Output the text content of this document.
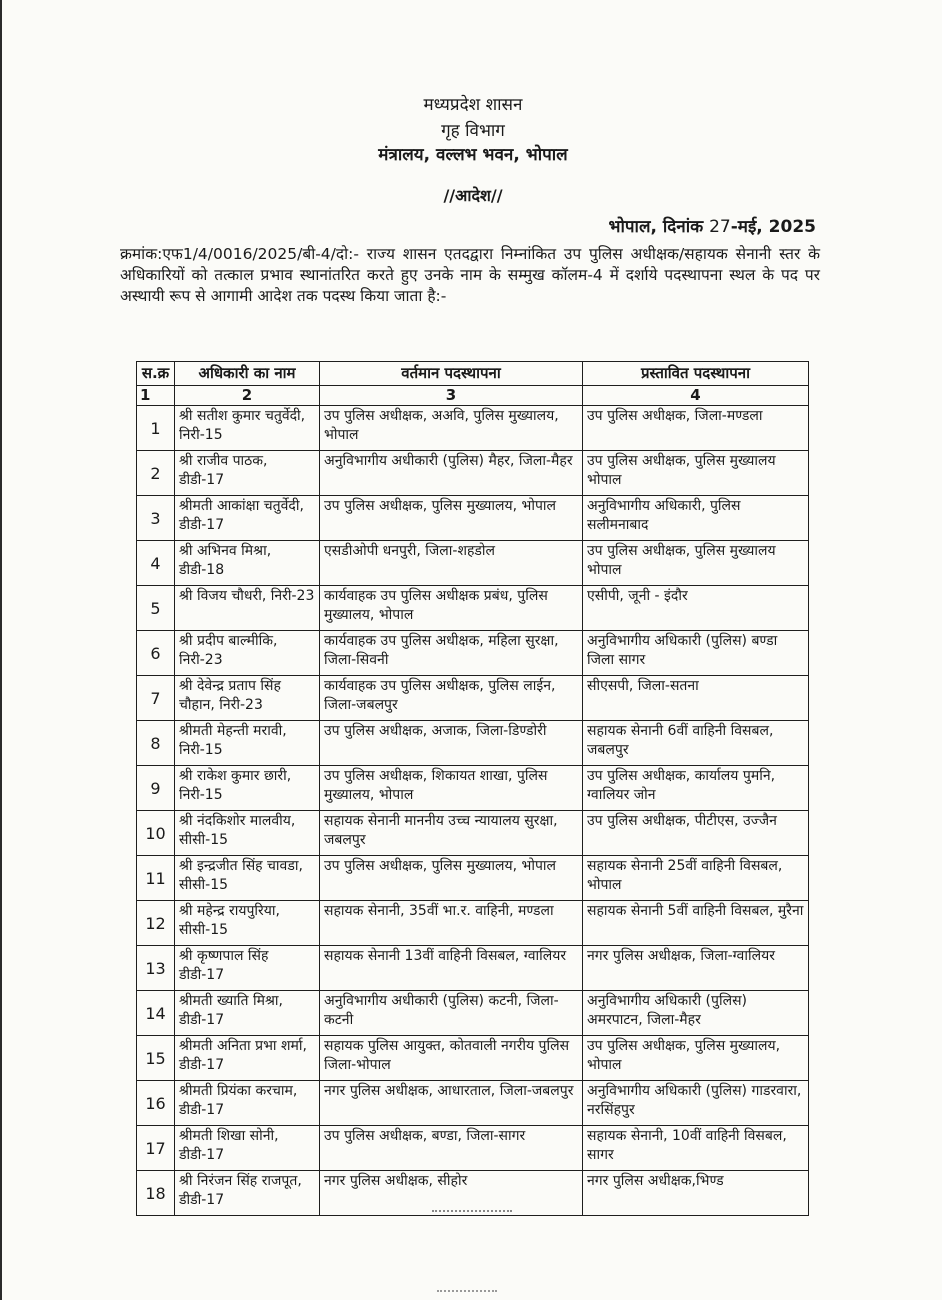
मध्यप्रदेश शासन
गृह विभाग
मंत्रालय, वल्लभ भवन, भोपाल
//आदेश//
भोपाल, दिनांक 27-मई, 2025
क्रमांक:एफ1/4/0016/2025/बी-4/दो:- राज्य शासन एतदद्वारा निम्नांकित उप पुलिस अधीक्षक/सहायक सेनानी स्तर के अधिकारियों को तत्काल प्रभाव स्थानांतरित करते हुए उनके नाम के सम्मुख कॉलम-4 में दर्शाये पदस्थापना स्थल के पद पर अस्थायी रूप से आगामी आदेश तक पदस्थ किया जाता है:-
स.क्र	अधिकारी का नाम	वर्तमान पदस्थापना	प्रस्तावित पदस्थापना
1	2	3	4
1	श्री सतीश कुमार चतुर्वेदी, निरी-15	उप पुलिस अधीक्षक, अअवि, पुलिस मुख्यालय, भोपाल	उप पुलिस अधीक्षक, जिला-मण्डला
2	श्री राजीव पाठक, डीडी-17	अनुविभागीय अधीकारी (पुलिस) मैहर, जिला-मैहर	उप पुलिस अधीक्षक, पुलिस मुख्यालय भोपाल
3	श्रीमती आकांक्षा चतुर्वेदी, डीडी-17	उप पुलिस अधीक्षक, पुलिस मुख्यालय, भोपाल	अनुविभागीय अधिकारी, पुलिस सलीमनाबाद
4	श्री अभिनव मिश्रा, डीडी-18	एसडीओपी धनपुरी, जिला-शहडोल	उप पुलिस अधीक्षक, पुलिस मुख्यालय भोपाल
5	श्री विजय चौधरी, निरी-23	कार्यवाहक उप पुलिस अधीक्षक प्रबंध, पुलिस मुख्यालय, भोपाल	एसीपी, जूनी - इंदौर
6	श्री प्रदीप बाल्मीकि, निरी-23	कार्यवाहक उप पुलिस अधीक्षक, महिला सुरक्षा, जिला-सिवनी	अनुविभागीय अधिकारी (पुलिस) बण्डा जिला सागर
7	श्री देवेन्द्र प्रताप सिंह चौहान, निरी-23	कार्यवाहक उप पुलिस अधीक्षक, पुलिस लाईन, जिला-जबलपुर	सीएसपी, जिला-सतना
8	श्रीमती मेहन्ती मरावी, निरी-15	उप पुलिस अधीक्षक, अजाक, जिला-डिण्डोरी	सहायक सेनानी 6वीं वाहिनी विसबल, जबलपुर
9	श्री राकेश कुमार छारी, निरी-15	उप पुलिस अधीक्षक, शिकायत शाखा, पुलिस मुख्यालय, भोपाल	उप पुलिस अधीक्षक, कार्यालय पुमनि, ग्वालियर जोन
10	श्री नंदकिशोर मालवीय, सीसी-15	सहायक सेनानी माननीय उच्च न्यायालय सुरक्षा, जबलपुर	उप पुलिस अधीक्षक, पीटीएस, उज्जैन
11	श्री इन्द्रजीत सिंह चावडा, सीसी-15	उप पुलिस अधीक्षक, पुलिस मुख्यालय, भोपाल	सहायक सेनानी 25वीं वाहिनी विसबल, भोपाल
12	श्री महेन्द्र रायपुरिया, सीसी-15	सहायक सेनानी, 35वीं भा.र. वाहिनी, मण्डला	सहायक सेनानी 5वीं वाहिनी विसबल, मुरैना
13	श्री कृष्णपाल सिंह डीडी-17	सहायक सेनानी 13वीं वाहिनी विसबल, ग्वालियर	नगर पुलिस अधीक्षक, जिला-ग्वालियर
14	श्रीमती ख्याति मिश्रा, डीडी-17	अनुविभागीय अधीकारी (पुलिस) कटनी, जिला-कटनी	अनुविभागीय अधिकारी (पुलिस) अमरपाटन, जिला-मैहर
15	श्रीमती अनिता प्रभा शर्मा, डीडी-17	सहायक पुलिस आयुक्त, कोतवाली नगरीय पुलिस जिला-भोपाल	उप पुलिस अधीक्षक, पुलिस मुख्यालय, भोपाल
16	श्रीमती प्रियंका करचाम, डीडी-17	नगर पुलिस अधीक्षक, आधारताल, जिला-जबलपुर	अनुविभागीय अधिकारी (पुलिस) गाडरवारा, नरसिंहपुर
17	श्रीमती शिखा सोनी, डीडी-17	उप पुलिस अधीक्षक, बण्डा, जिला-सागर	सहायक सेनानी, 10वीं वाहिनी विसबल, सागर
18	श्री निरंजन सिंह राजपूत, डीडी-17	नगर पुलिस अधीक्षक, सीहोर	नगर पुलिस अधीक्षक,भिण्ड
